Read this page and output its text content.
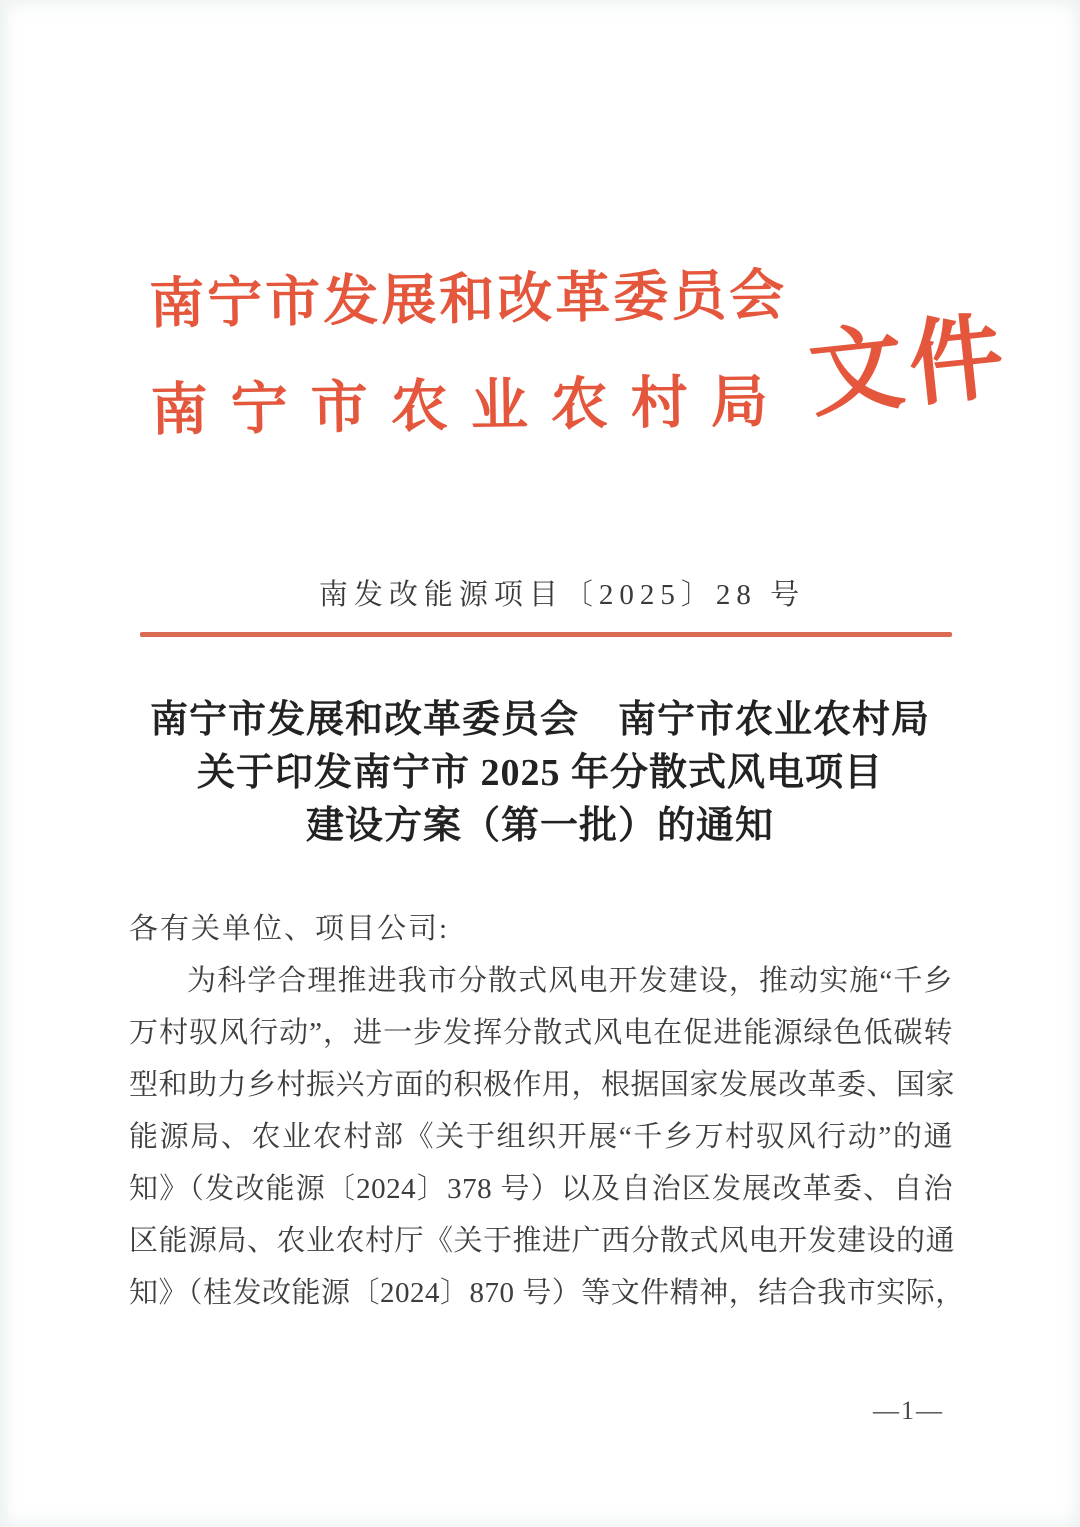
南宁市发展和改革委员会
南宁市农业农村局 文件
南发改能源项目〔2025〕28 号
南宁市发展和改革委员会　南宁市农业农村局
关于印发南宁市 2025 年分散式风电项目
建设方案（第一批）的通知
各有关单位、项目公司:
为科学合理推进我市分散式风电开发建设，推动实施“千乡
万村驭风行动”，进一步发挥分散式风电在促进能源绿色低碳转
型和助力乡村振兴方面的积极作用，根据国家发展改革委、国家
能源局、农业农村部《关于组织开展“千乡万村驭风行动”的通
知》（发改能源〔2024〕378 号）以及自治区发展改革委、自治
区能源局、农业农村厅《关于推进广西分散式风电开发建设的通
知》（桂发改能源〔2024〕870 号）等文件精神，结合我市实际，
—1—
